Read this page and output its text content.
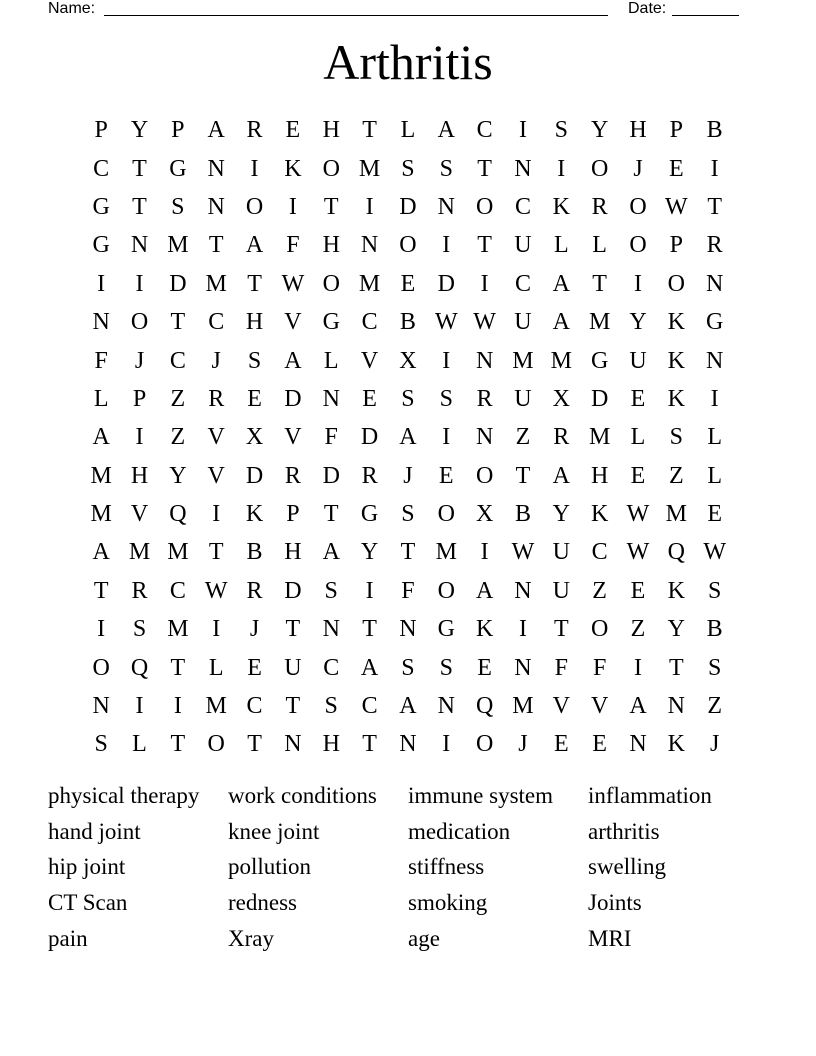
Name:	Date:
Arthritis
P Y P A R E H T L A C	I	S Y H P B
C T G N	I	K O M S	S	T N	I	O	J	E	I
G T	S N O	I	T	I	D N O C K R O W T
G N M T A F H N O	I	T U L L O P R
I	I	D M T W O M E D	I	C A T	I	O N
N O T C H V G C B W W U A M Y K G
F	J	C	J	S A L V X	I	N M M G U K N
L	P	Z R E D N E	S	S R U X D E K	I
A	I	Z V X V F D A	I	N Z R M L	S	L
M H Y V D R D R	J	E O T A H E Z L
M V Q	I	K P	T G S O X B Y K W M E
A M M T B H A Y T M I W U C W Q W
T R C W R D S	I	F O A N U Z E K S
I	S M I	J	T N T N G K	I	T O Z Y B
O Q T L E U C A S	S	E N F	F	I	T	S
N	I	I M C T	S C A N Q M V V A N Z
S	L T O T N H T N	I	O	J	E E N K	J
physical therapy	work conditions	immune system	inflammation
hand joint	knee joint	medication	arthritis
hip joint	pollution	stiffness	swelling
CT Scan	redness	smoking	Joints
pain	Xray	age	MRI
